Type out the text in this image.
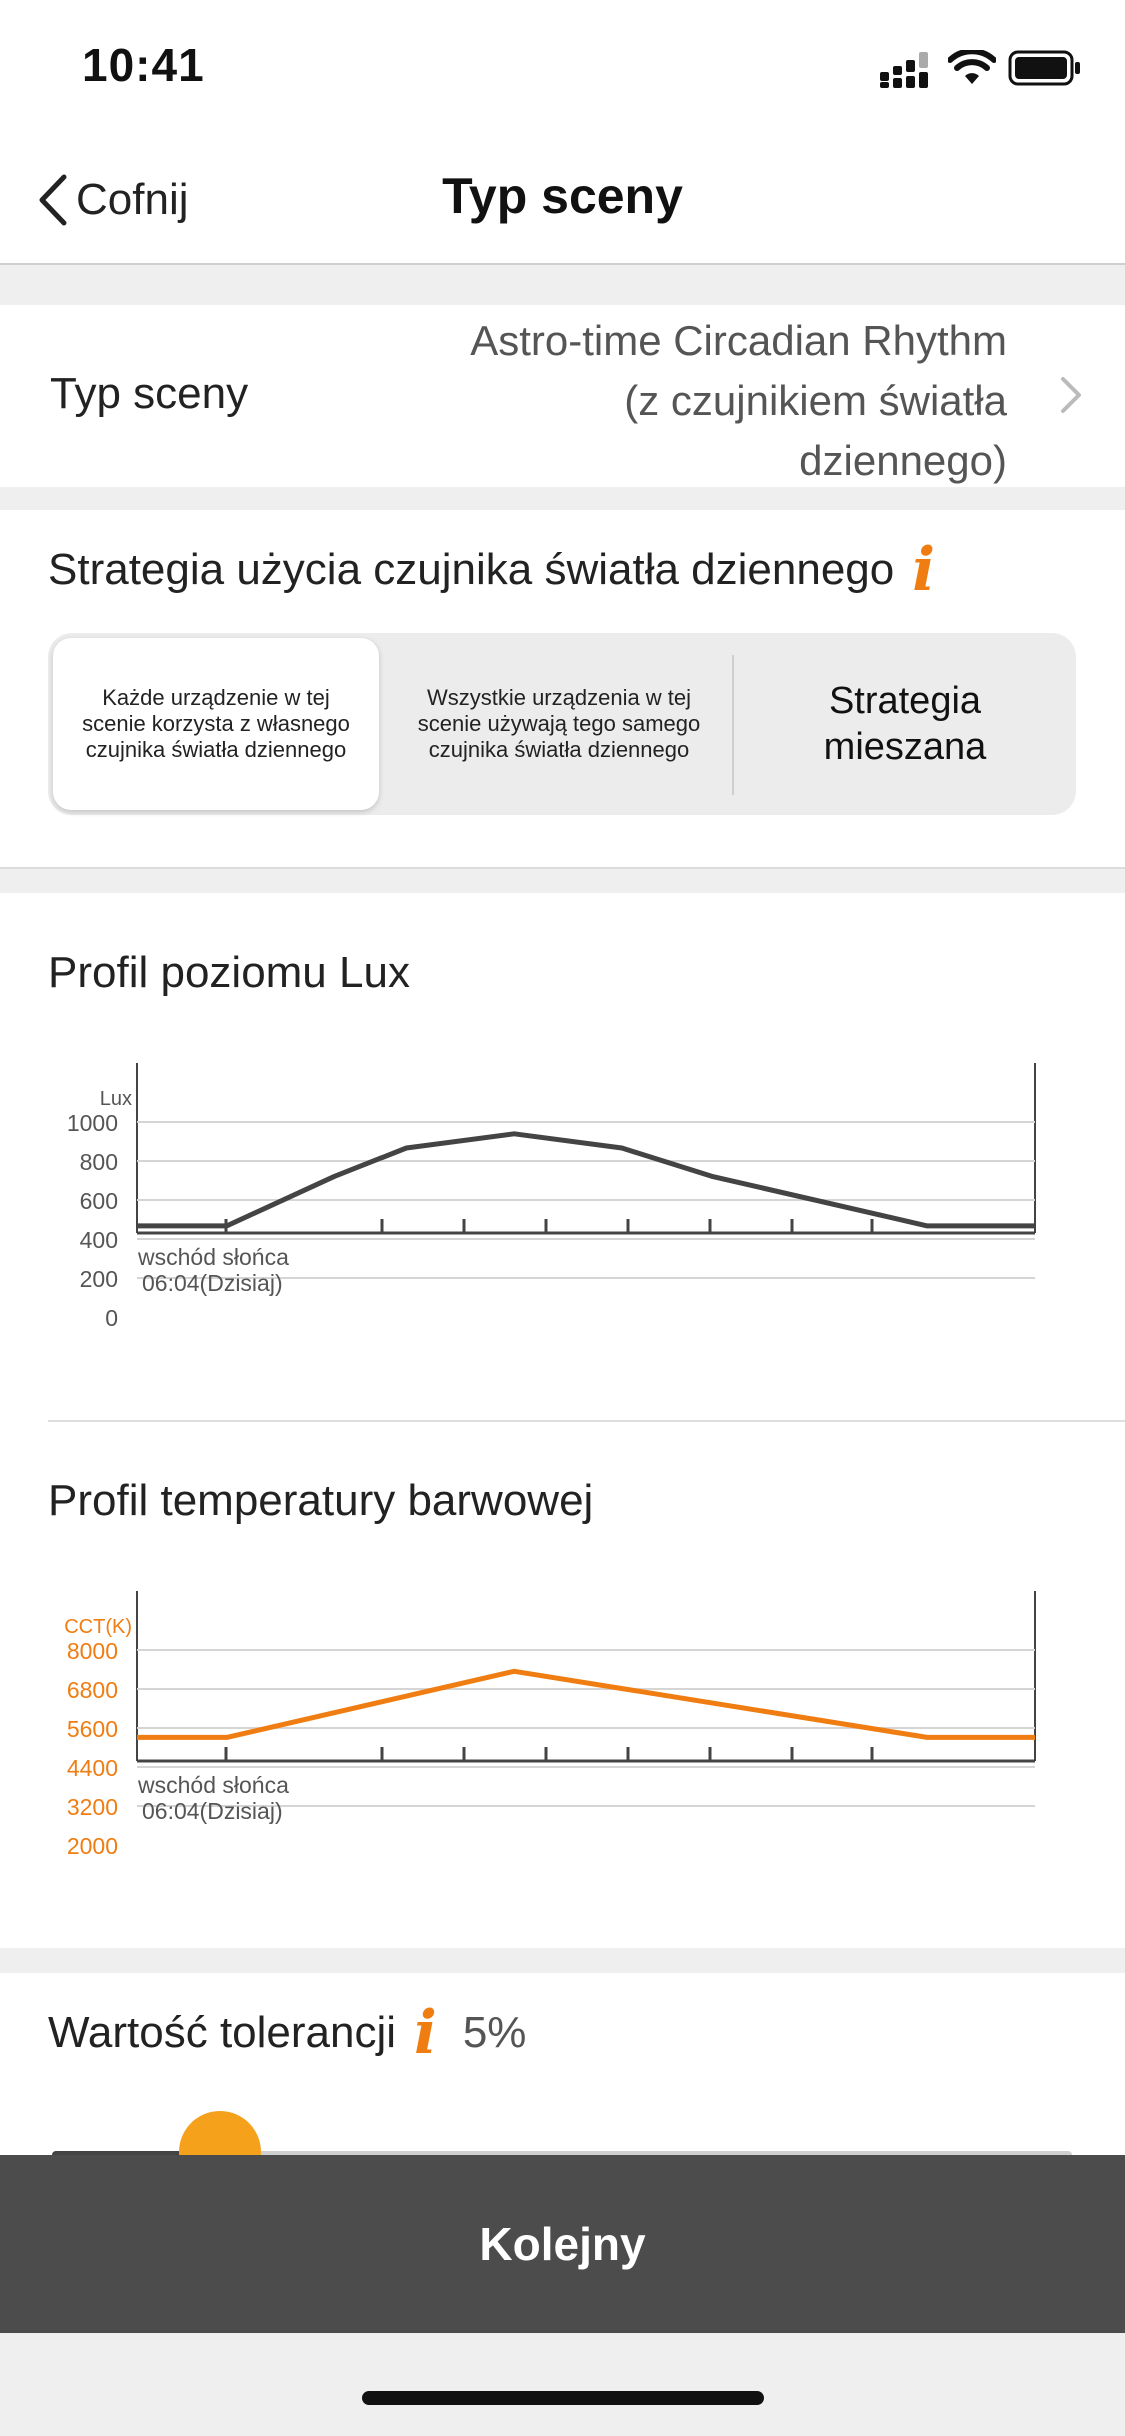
10:41
Cofnij	Typ sceny
Typ sceny
Astro-time Circadian Rhythm
(z czujnikiem światła
dziennego)
Strategia użycia czujnika światła dziennego i
Każde urządzenie w tej
scenie korzysta z własnego
czujnika światła dziennego
Wszystkie urządzenia w tej
scenie używają tego samego
czujnika światła dziennego
Strategia
mieszana
Profil poziomu Lux
Lux
1000
800
600
400
200
0
wschód słońca
06:04(Dzisiaj)
Profil temperatury barwowej
CCT(K)
8000
6800
5600
4400
3200
2000
wschód słońca
06:04(Dzisiaj)
Wartość tolerancji i 5%
Kolejny
